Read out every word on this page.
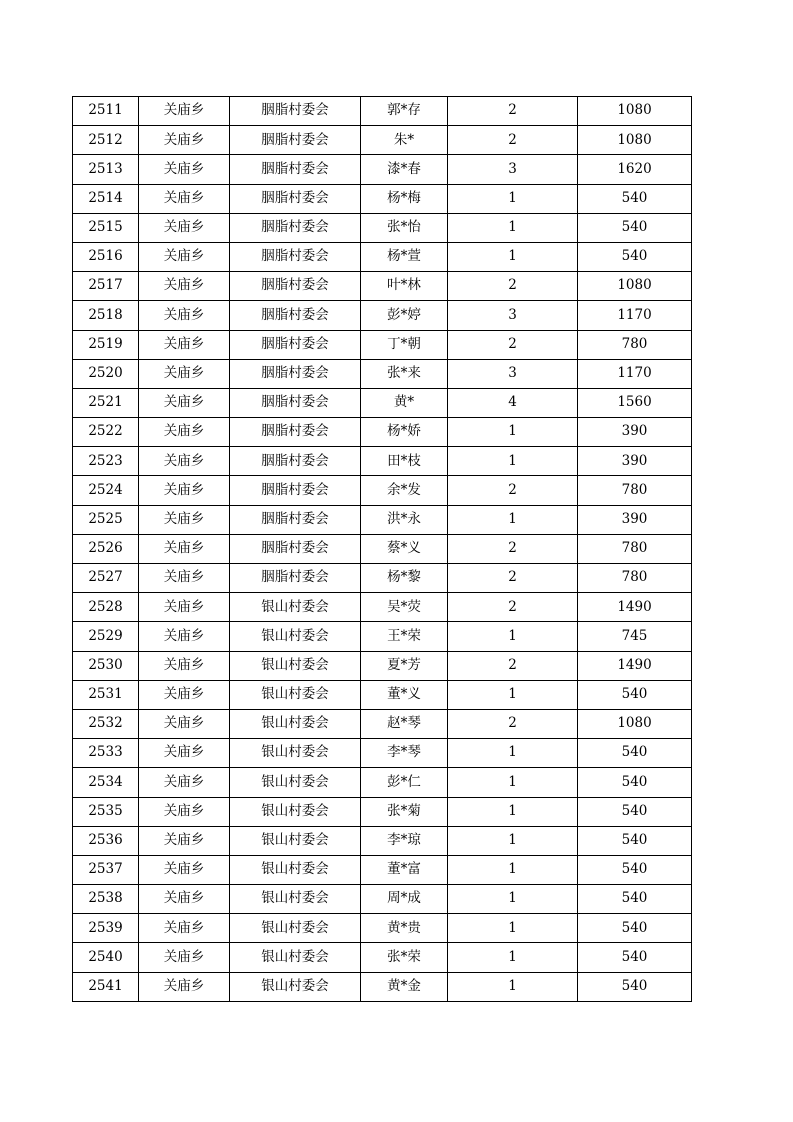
2511	关庙乡	胭脂村委会	郭*存	2	1080
2512	关庙乡	胭脂村委会	朱*	2	1080
2513	关庙乡	胭脂村委会	漆*春	3	1620
2514	关庙乡	胭脂村委会	杨*梅	1	540
2515	关庙乡	胭脂村委会	张*怡	1	540
2516	关庙乡	胭脂村委会	杨*萱	1	540
2517	关庙乡	胭脂村委会	叶*林	2	1080
2518	关庙乡	胭脂村委会	彭*婷	3	1170
2519	关庙乡	胭脂村委会	丁*朝	2	780
2520	关庙乡	胭脂村委会	张*来	3	1170
2521	关庙乡	胭脂村委会	黄*	4	1560
2522	关庙乡	胭脂村委会	杨*娇	1	390
2523	关庙乡	胭脂村委会	田*枝	1	390
2524	关庙乡	胭脂村委会	余*发	2	780
2525	关庙乡	胭脂村委会	洪*永	1	390
2526	关庙乡	胭脂村委会	蔡*义	2	780
2527	关庙乡	胭脂村委会	杨*黎	2	780
2528	关庙乡	银山村委会	吴*荧	2	1490
2529	关庙乡	银山村委会	王*荣	1	745
2530	关庙乡	银山村委会	夏*芳	2	1490
2531	关庙乡	银山村委会	董*义	1	540
2532	关庙乡	银山村委会	赵*琴	2	1080
2533	关庙乡	银山村委会	李*琴	1	540
2534	关庙乡	银山村委会	彭*仁	1	540
2535	关庙乡	银山村委会	张*菊	1	540
2536	关庙乡	银山村委会	李*琼	1	540
2537	关庙乡	银山村委会	董*富	1	540
2538	关庙乡	银山村委会	周*成	1	540
2539	关庙乡	银山村委会	黄*贵	1	540
2540	关庙乡	银山村委会	张*荣	1	540
2541	关庙乡	银山村委会	黄*金	1	540
